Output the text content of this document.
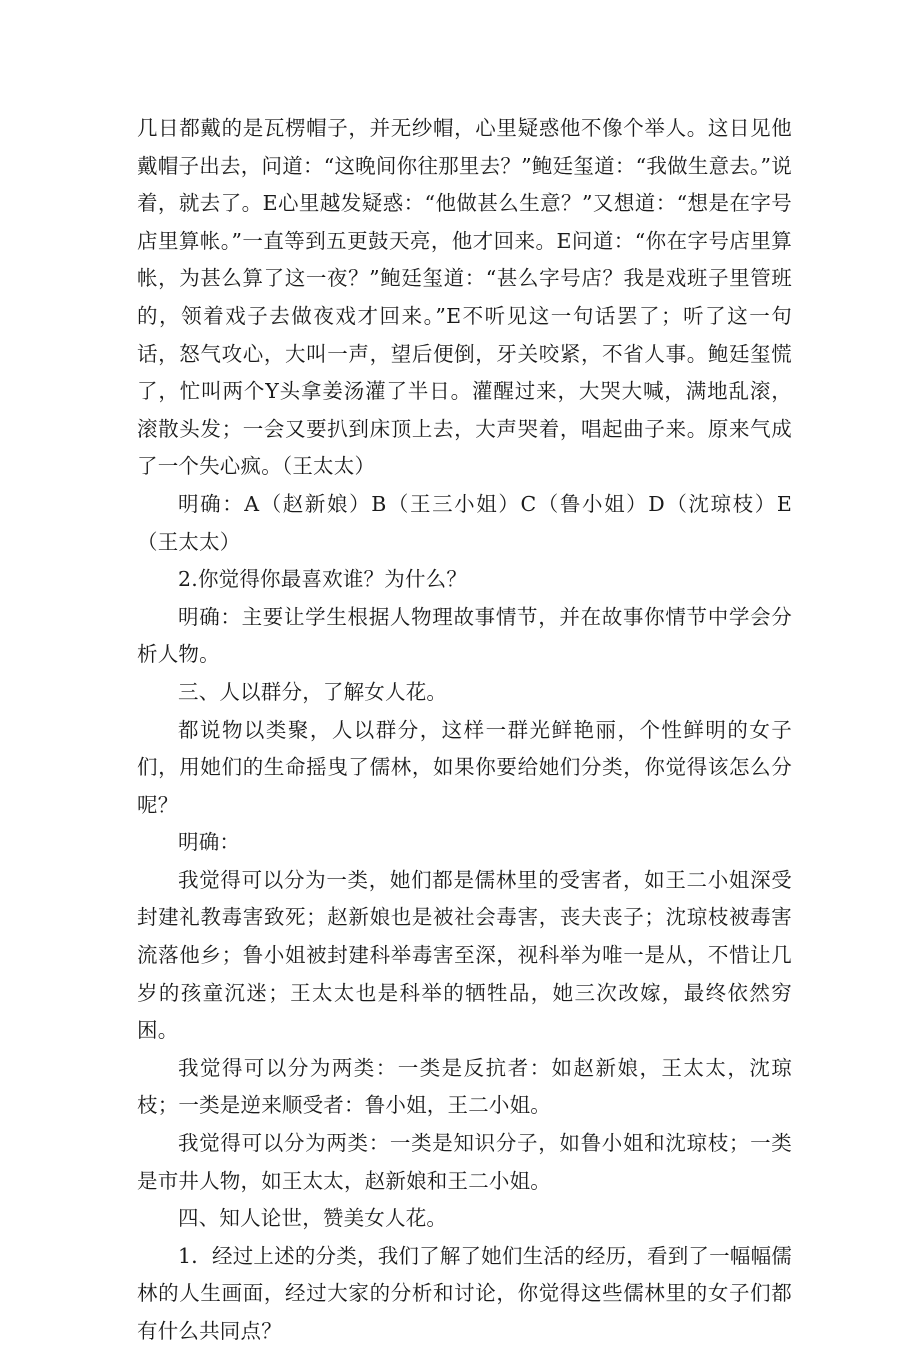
几日都戴的是瓦楞帽子，并无纱帽，心里疑惑他不像个举人。这日见他戴帽子出去，问道：“这晚间你往那里去？”鲍廷玺道：“我做生意去。”说着，就去了。E心里越发疑惑：“他做甚么生意？”又想道：“想是在字号店里算帐。”一直等到五更鼓天亮，他才回来。E问道：“你在字号店里算帐，为甚么算了这一夜？”鲍廷玺道：“甚么字号店？我是戏班子里管班的，领着戏子去做夜戏才回来。”E不听见这一句话罢了；听了这一句话，怒气攻心，大叫一声，望后便倒，牙关咬紧，不省人事。鲍廷玺慌了，忙叫两个Y头拿姜汤灌了半日。灌醒过来，大哭大喊，满地乱滚，滚散头发；一会又要扒到床顶上去，大声哭着，唱起曲子来。原来气成了一个失心疯。（王太太）

明确：A（赵新娘）B（王三小姐）C（鲁小姐）D（沈琼枝）E（王太太）

2.你觉得你最喜欢谁？为什么？

明确：主要让学生根据人物理故事情节，并在故事你情节中学会分析人物。

三、人以群分，了解女人花。

都说物以类聚，人以群分，这样一群光鲜艳丽，个性鲜明的女子们，用她们的生命摇曳了儒林，如果你要给她们分类，你觉得该怎么分呢？

明确：

我觉得可以分为一类，她们都是儒林里的受害者，如王二小姐深受封建礼教毒害致死；赵新娘也是被社会毒害，丧夫丧子；沈琼枝被毒害流落他乡；鲁小姐被封建科举毒害至深，视科举为唯一是从，不惜让几岁的孩童沉迷；王太太也是科举的牺牲品，她三次改嫁，最终依然穷困。

我觉得可以分为两类：一类是反抗者：如赵新娘，王太太，沈琼枝；一类是逆来顺受者：鲁小姐，王二小姐。

我觉得可以分为两类：一类是知识分子，如鲁小姐和沈琼枝；一类是市井人物，如王太太，赵新娘和王二小姐。

四、知人论世，赞美女人花。

1．经过上述的分类，我们了解了她们生活的经历，看到了一幅幅儒林的人生画面，经过大家的分析和讨论，你觉得这些儒林里的女子们都有什么共同点？
